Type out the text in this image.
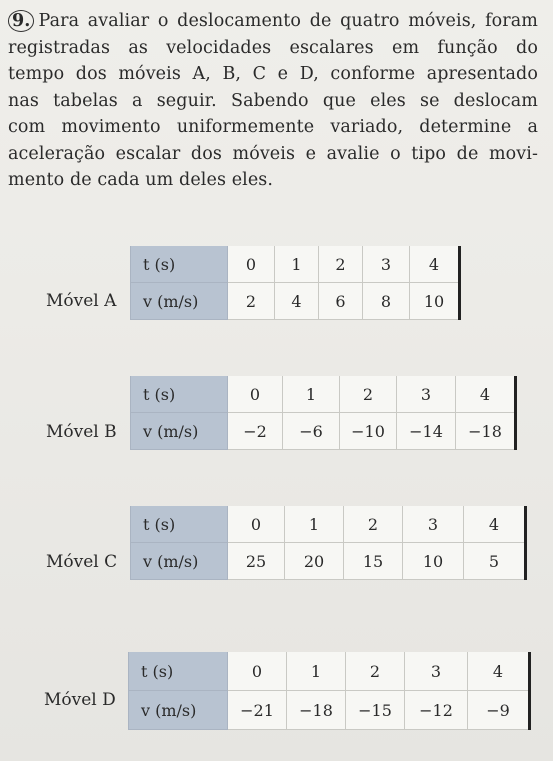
9. Para avaliar o deslocamento de quatro móveis, foram
registradas as velocidades escalares em função do
tempo dos móveis A, B, C e D, conforme apresentado
nas tabelas a seguir. Sabendo que eles se deslocam
com movimento uniformemente variado, determine a
aceleração escalar dos móveis e avalie o tipo de movi-
mento de cada um deles eles.
Móvel A
t (s)	0	1	2	3	4
v (m/s)	2	4	6	8	10
Móvel B
t (s)	0	1	2	3	4
v (m/s)	−2	−6	−10	−14	−18
Móvel C
t (s)	0	1	2	3	4
v (m/s)	25	20	15	10	5
Móvel D
t (s)	0	1	2	3	4
v (m/s)	−21	−18	−15	−12	−9
